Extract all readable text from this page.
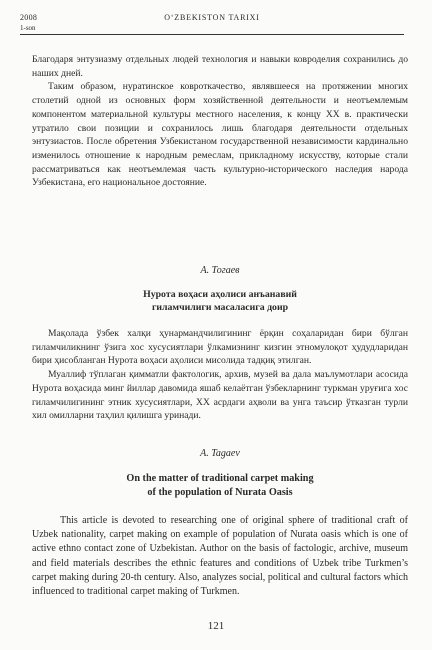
2008
1-son
O‘ZBEKISTON TARIXI

Благодаря энтузиазму отдельных людей технология и навыки ковроделия сохранились до наших дней.

Таким образом, нуратинское ковроткачество, являвшееся на протяжении многих столетий одной из основных форм хозяйственной деятельности и неотъемлемым компонентом материальной культуры местного населения, к концу XX в. практически утратило свои позиции и сохранилось лишь благодаря деятельности отдельных энтузиастов. После обретения Узбекистаном государственной независимости кардинально изменилось отношение к народным ремеслам, прикладному искусству, которые стали рассматриваться как неотъемлемая часть культурно-исторического наследия народа Узбекистана, его национальное достояние.

А. Тогаев
Нурота воҳаси аҳолиси анъанавий
гиламчилиги масаласига доир

Мақолада ўзбек халқи ҳунармандчилигининг ёрқин соҳаларидан бири бўлган гиламчиликнинг ўзига хос хусусиятлари ўлкамизнинг кизгин этномулоқот ҳудудларидан бири ҳисобланган Нурота воҳаси аҳолиси мисолида тадқиқ этилган.

Муаллиф тўплаган қимматли фактологик, архив, музей ва дала маълумотлари асосида Нурота воҳасида минг йиллар давомида яшаб келаётган ўзбекларнинг туркман уруғига хос гиламчилигининг этник хусусиятлари, XX асрдаги аҳволи ва унга таъсир ўтказган турли хил омилларни таҳлил қилишга уринади.

A. Tagaev
On the matter of traditional carpet making
of the population of Nurata Oasis

This article is devoted to researching one of original sphere of traditional craft of Uzbek nationality, carpet making on example of population of Nurata oasis which is one of active ethno contact zone of Uzbekistan. Author on the basis of factologic, archive, museum and field materials describes the ethnic features and conditions of Uzbek tribe Turkmen’s carpet making during 20-th century. Also, analyzes social, political and cultural factors which influenced to traditional carpet making of Turkmen.

121
